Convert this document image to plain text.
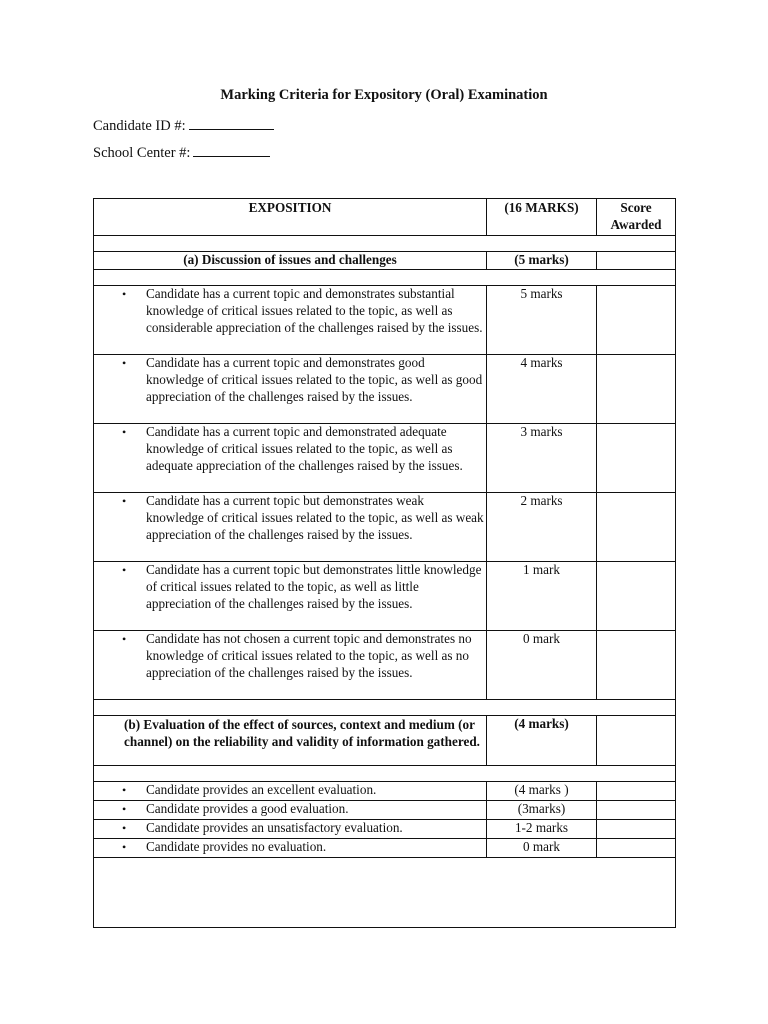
Marking Criteria for Expository (Oral) Examination
Candidate ID #:
School Center #:
EXPOSITION	(16 MARKS)	Score
Awarded

(a) Discussion of issues and challenges	(5 marks)	

• Candidate has a current topic and demonstrates substantial knowledge of critical issues related to the topic, as well as considerable appreciation of the challenges raised by the issues.	5 marks	

• Candidate has a current topic and demonstrates good knowledge of critical issues related to the topic, as well as good appreciation of the challenges raised by the issues.	4 marks	

• Candidate has a current topic and demonstrated adequate knowledge of critical issues related to the topic, as well as adequate appreciation of the challenges raised by the issues.	3 marks	

• Candidate has a current topic but demonstrates weak knowledge of critical issues related to the topic, as well as weak appreciation of the challenges raised by the issues.	2 marks	

• Candidate has a current topic but demonstrates little knowledge of critical issues related to the topic, as well as little appreciation of the challenges raised by the issues.	1 mark	

• Candidate has not chosen a current topic and demonstrates no knowledge of critical issues related to the topic, as well as no appreciation of the challenges raised by the issues.	0 mark	

(b) Evaluation of the effect of sources, context and medium (or channel) on the reliability and validity of information gathered.	(4 marks)	

• Candidate provides an excellent evaluation.	(4 marks )	

• Candidate provides a good evaluation.	(3marks)	

• Candidate provides an unsatisfactory evaluation.	1-2 marks	

• Candidate provides no evaluation.	0 mark	
